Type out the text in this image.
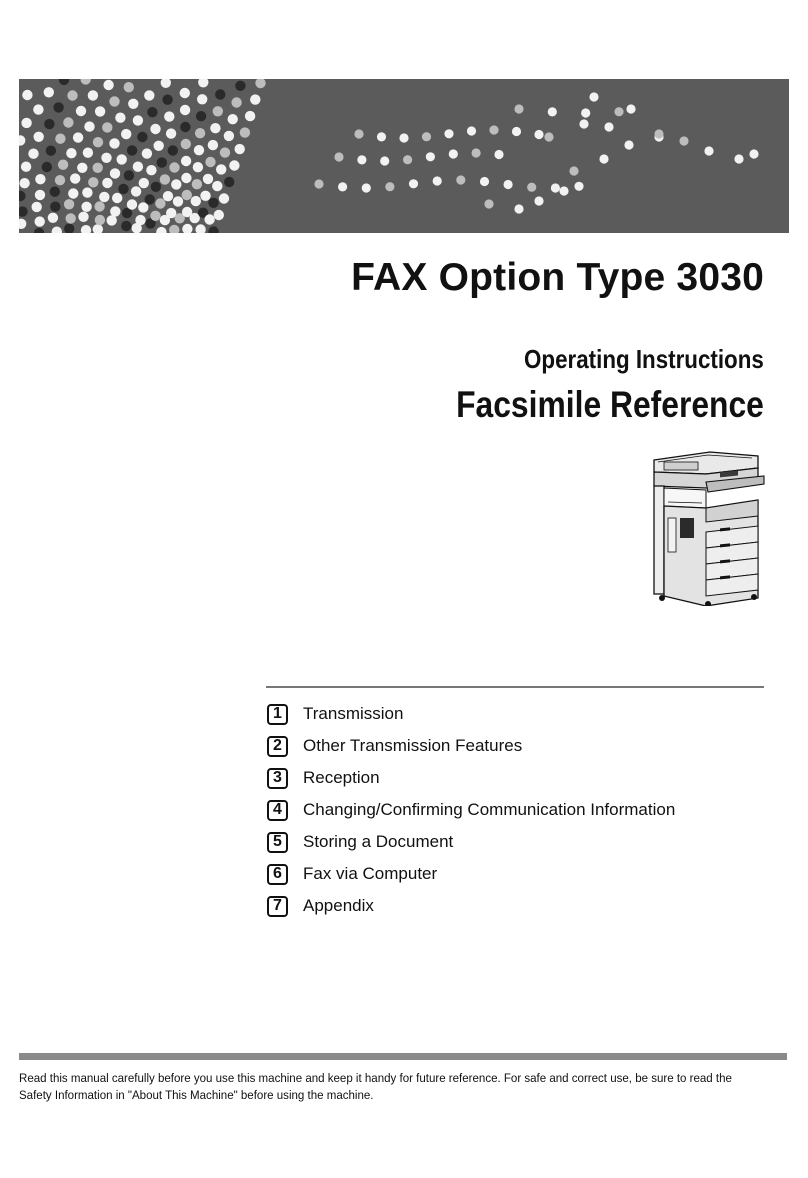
FAX Option Type 3030
Operating Instructions
Facsimile Reference
1	Transmission
2	Other Transmission Features
3	Reception
4	Changing/Confirming Communication Information
5	Storing a Document
6	Fax via Computer
7	Appendix
Read this manual carefully before you use this machine and keep it handy for future reference. For safe and correct use, be sure to read the
Safety Information in "About This Machine" before using the machine.
